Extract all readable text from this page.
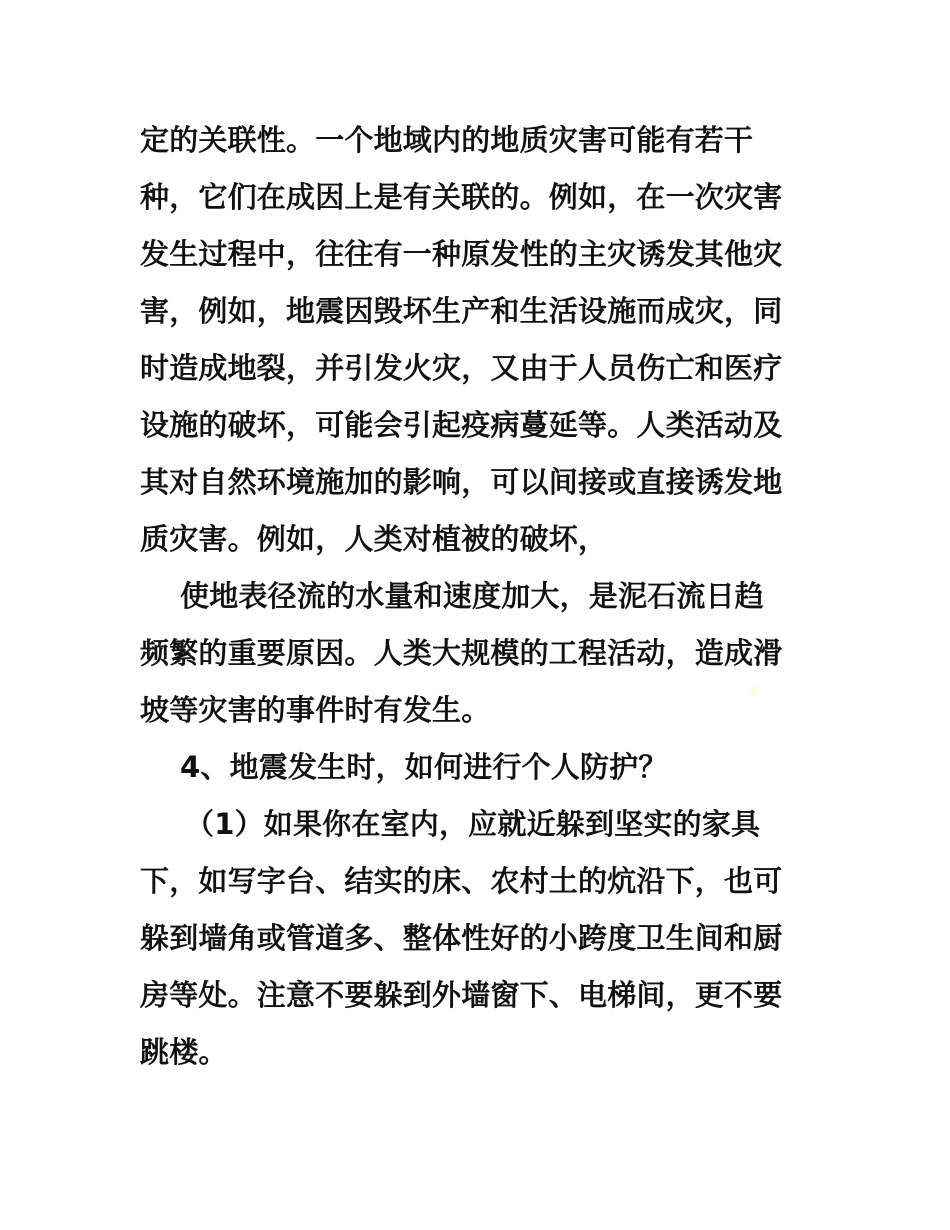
定的关联性。一个地域内的地质灾害可能有若干
种，它们在成因上是有关联的。例如，在一次灾害
发生过程中，往往有一种原发性的主灾诱发其他灾
害，例如，地震因毁坏生产和生活设施而成灾，同
时造成地裂，并引发火灾，又由于人员伤亡和医疗
设施的破坏，可能会引起疫病蔓延等。人类活动及
其对自然环境施加的影响，可以间接或直接诱发地
质灾害。例如，人类对植被的破坏，
使地表径流的水量和速度加大，是泥石流日趋
频繁的重要原因。人类大规模的工程活动，造成滑
坡等灾害的事件时有发生。
4、地震发生时，如何进行个人防护？
（1）如果你在室内，应就近躲到坚实的家具
下，如写字台、结实的床、农村土的炕沿下，也可
躲到墙角或管道多、整体性好的小跨度卫生间和厨
房等处。注意不要躲到外墙窗下、电梯间，更不要
跳楼。
